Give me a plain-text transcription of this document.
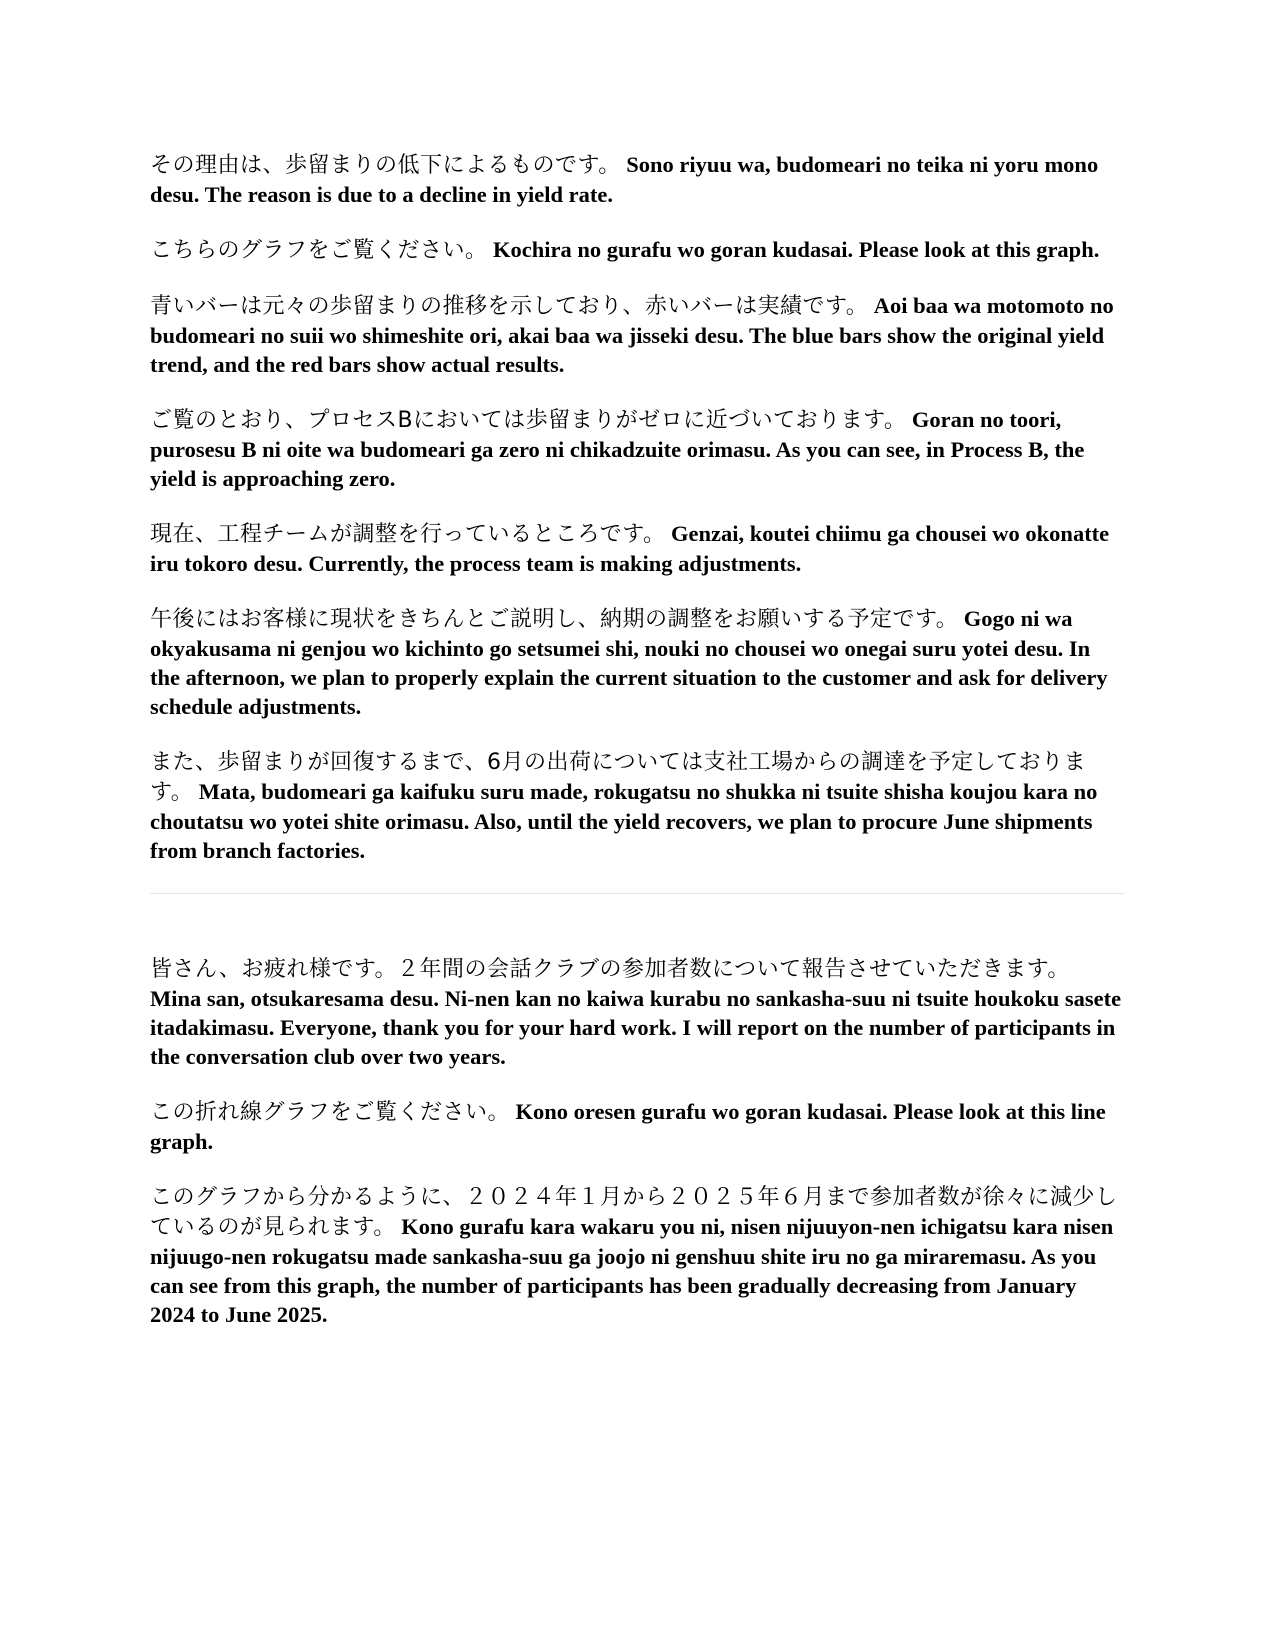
その理由は、歩留まりの低下によるものです。 Sono riyuu wa, budomeari no teika ni yoru mono desu. The reason is due to a decline in yield rate.

こちらのグラフをご覧ください。 Kochira no gurafu wo goran kudasai. Please look at this graph.

青いバーは元々の歩留まりの推移を示しており、赤いバーは実績です。 Aoi baa wa motomoto no budomeari no suii wo shimeshite ori, akai baa wa jisseki desu. The blue bars show the original yield trend, and the red bars show actual results.

ご覧のとおり、プロセスBにおいては歩留まりがゼロに近づいております。 Goran no toori, purosesu B ni oite wa budomeari ga zero ni chikadzuite orimasu. As you can see, in Process B, the yield is approaching zero.

現在、工程チームが調整を行っているところです。 Genzai, koutei chiimu ga chousei wo okonatte iru tokoro desu. Currently, the process team is making adjustments.

午後にはお客様に現状をきちんとご説明し、納期の調整をお願いする予定です。 Gogo ni wa okyakusama ni genjou wo kichinto go setsumei shi, nouki no chousei wo onegai suru yotei desu. In the afternoon, we plan to properly explain the current situation to the customer and ask for delivery schedule adjustments.

また、歩留まりが回復するまで、6月の出荷については支社工場からの調達を予定しております。 Mata, budomeari ga kaifuku suru made, rokugatsu no shukka ni tsuite shisha koujou kara no choutatsu wo yotei shite orimasu. Also, until the yield recovers, we plan to procure June shipments from branch factories.

皆さん、お疲れ様です。２年間の会話クラブの参加者数について報告させていただきます。 Mina san, otsukaresama desu. Ni-nen kan no kaiwa kurabu no sankasha-suu ni tsuite houkoku sasete itadakimasu. Everyone, thank you for your hard work. I will report on the number of participants in the conversation club over two years.

この折れ線グラフをご覧ください。 Kono oresen gurafu wo goran kudasai. Please look at this line graph.

このグラフから分かるように、２０２４年１月から２０２５年６月まで参加者数が徐々に減少しているのが見られます。 Kono gurafu kara wakaru you ni, nisen nijuuyon-nen ichigatsu kara nisen nijuugo-nen rokugatsu made sankasha-suu ga joojo ni genshuu shite iru no ga miraremasu. As you can see from this graph, the number of participants has been gradually decreasing from January 2024 to June 2025.
